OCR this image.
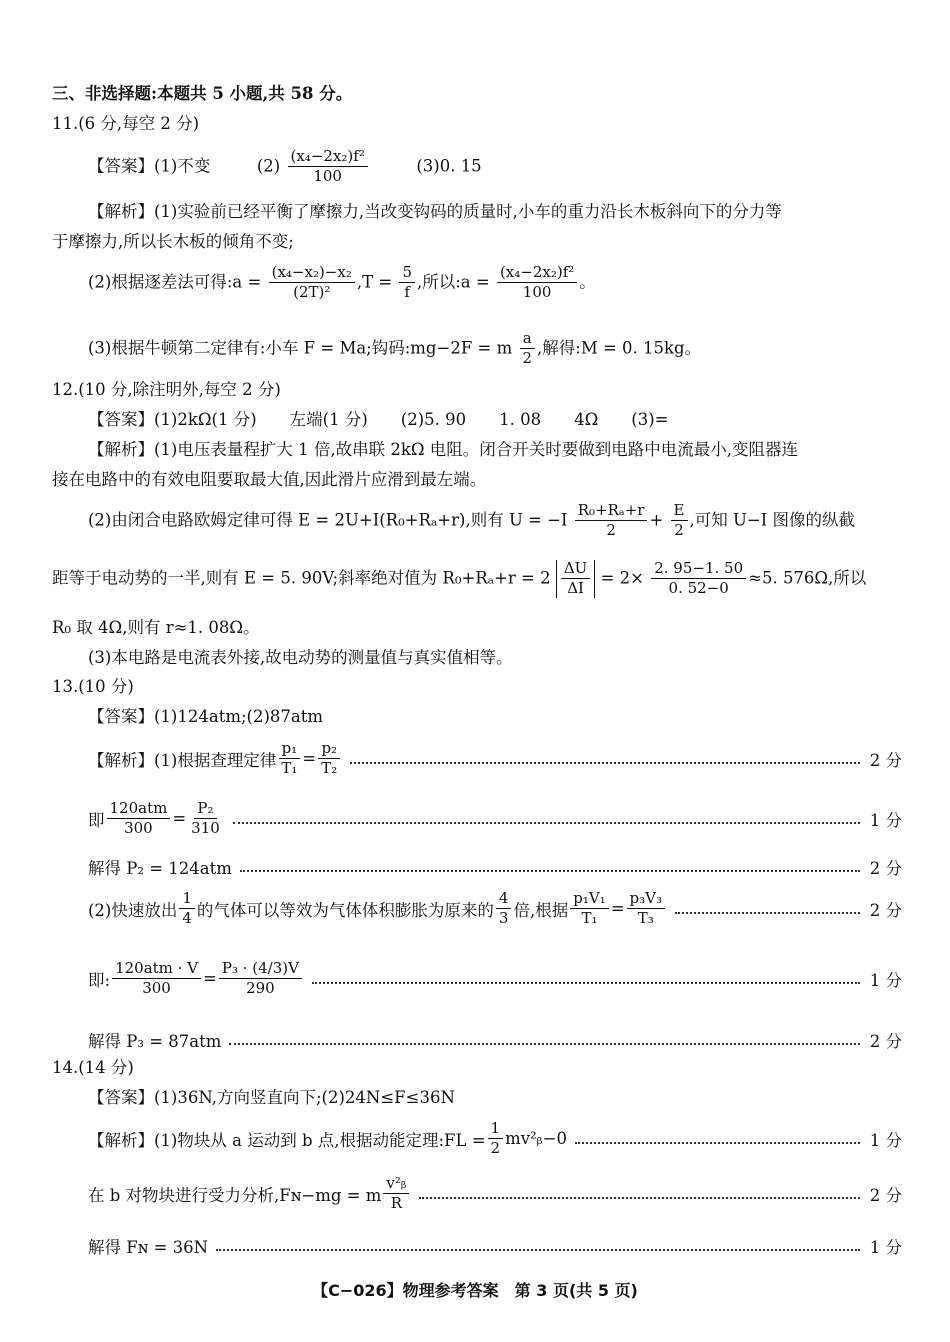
三、非选择题:本题共 5 小题,共 58 分。
11.(6 分,每空 2 分)
【答案】(1)不变	$(2) \frac{\text{(x₄−2x₂)f²}}{100}$	(3)0. 15
【解析】(1)实验前已经平衡了摩擦力,当改变钩码的质量时,小车的重力沿长木板斜向下的分力等
于摩擦力,所以长木板的倾角不变;
(2)根据逐差法可得:a = $\frac{\text{(x₄−x₂)−x₂}}{\text{(2T)²}} ,T = \frac{5}{f}$ ,所以:a = $\frac{\text{(x₄−2x₂)f²}}{100}$ 。
(3)根据牛顿第二定律有:小车 F = Ma;钩码:mg−2F = m $\frac{a}{2}$ ,解得:M = 0. 15kg。
12.(10 分,除注明外,每空 2 分)
【答案】(1)2kΩ(1 分)　　左端(1 分)　　(2)5. 90　　1. 08　　4Ω　　(3)=
【解析】(1)电压表量程扩大 1 倍,故串联 2kΩ 电阻。闭合开关时要做到电路中电流最小,变阻器连
接在电路中的有效电阻要取最大值,因此滑片应滑到最左端。
(2)由闭合电路欧姆定律可得 E = 2U+I(R₀+Rₐ+r),则有 $U = -I \frac{\text{R₀+Rₐ+r}}{2} + \frac{E}{2}$ ,可知 U−I 图像的纵截
距等于电动势的一半,则有 E = 5. 90V;斜率绝对值为 $R_0+R_a+r = 2 \frac{\Delta U}{\Delta I} = 2\times \frac{2. 95-1. 50}{0. 52-0} \approx 5$. 576Ω,所以
R₀ 取 4Ω,则有 r≈1. 08Ω。
(3)本电路是电流表外接,故电动势的测量值与真实值相等。
13.(10 分)
【答案】(1)124atm;(2)87atm
【解析】(1)根据查理定律 $\frac{\text{p₁}}{\text{T₁}} = \frac{\text{p₂}}{\text{T₂}}$	2 分
即 $\frac{\text{120atm}}{300} = \frac{\text{P₂}}{310}$	1 分
解得 P₂ = 124atm	2 分
(2)快速放出 $\frac{1}{4}$ 的气体可以等效为气体体积膨胀为原来的 $\frac{4}{3}$ 倍,根据 $\frac{\text{p₁V₁}}{\text{T₁}} = \frac{\text{p₃V₃}}{\text{T₃}}$	2 分
即: $\frac{\text{120atm · V}}{300} = \frac{\text{P₃ · (4/3)V}}{290}$	1 分
解得 P₃ = 87atm	2 分
14.(14 分)
【答案】(1)36N,方向竖直向下;(2)24N≤F≤36N
【解析】(1)物块从 a 运动到 b 点,根据动能定理:FL = $\frac{1}{2}$ mv²ᵦ−0	1 分
在 b 对物块进行受力分析,Fɴ−mg = m $\frac{\text{v²ᵦ}}{R}$	2 分
解得 Fɴ = 36N	1 分
【C−026】物理参考答案　第 3 页(共 5 页)
